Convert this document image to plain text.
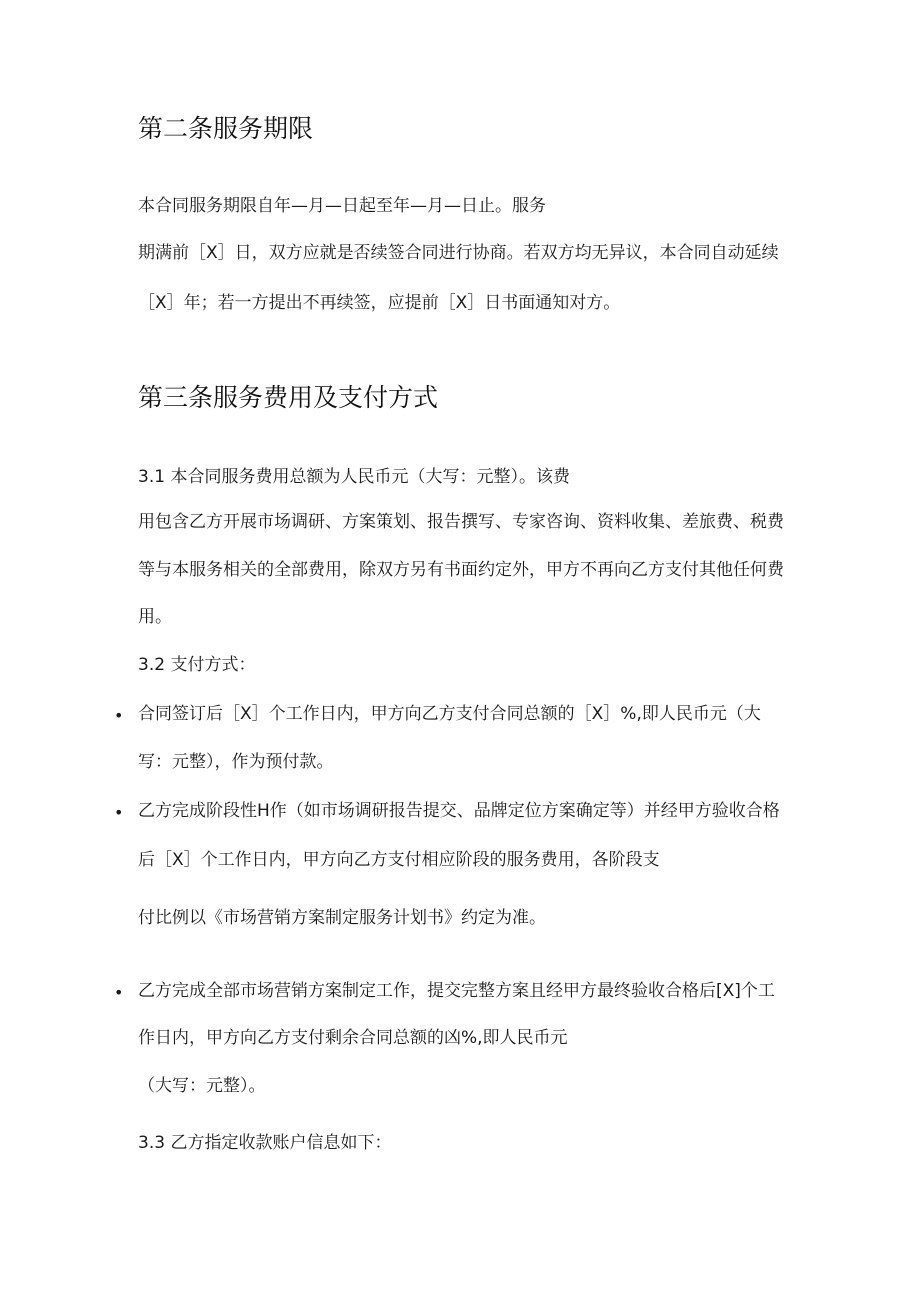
第二条服务期限
本合同服务期限自年—月—日起至年—月—日止。服务
期满前［X］日，双方应就是否续签合同进行协商。若双方均无异议，本合同自动延续
［X］年；若一方提出不再续签，应提前［X］日书面通知对方。
第三条服务费用及支付方式
3.1 本合同服务费用总额为人民币元（大写：元整）。该费
用包含乙方开展市场调研、方案策划、报告撰写、专家咨询、资料收集、差旅费、税费
等与本服务相关的全部费用，除双方另有书面约定外，甲方不再向乙方支付其他任何费
用。
3.2 支付方式：
• 合同签订后［X］个工作日内，甲方向乙方支付合同总额的［X］%,即人民币元（大
写：元整），作为预付款。
• 乙方完成阶段性H作（如市场调研报告提交、品牌定位方案确定等）并经甲方验收合格
后［X］个工作日内，甲方向乙方支付相应阶段的服务费用，各阶段支
付比例以《市场营销方案制定服务计划书》约定为准。
• 乙方完成全部市场营销方案制定工作，提交完整方案且经甲方最终验收合格后[X]个工
作日内，甲方向乙方支付剩余合同总额的凶%,即人民币元
（大写：元整）。
3.3 乙方指定收款账户信息如下：
